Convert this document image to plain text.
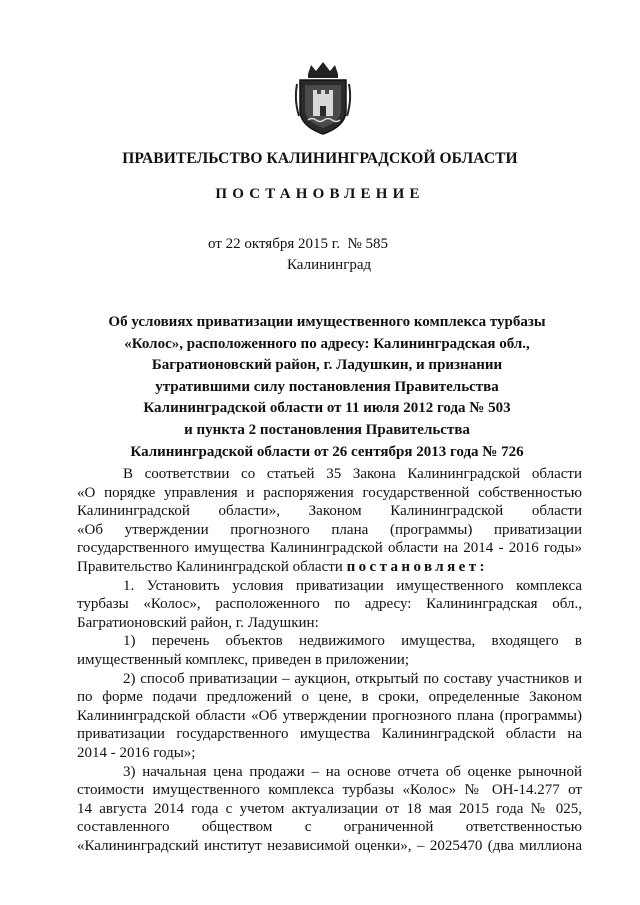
ПРАВИТЕЛЬСТВО КАЛИНИНГРАДСКОЙ ОБЛАСТИ
ПОСТАНОВЛЕНИЕ
от 22 октября 2015 г.  № 585
Калининград
Об условиях приватизации имущественного комплекса турбазы
«Колос», расположенного по адресу: Калининградская обл.,
Багратионовский район, г. Ладушкин, и признании
утратившими силу постановления Правительства
Калининградской области от 11 июля 2012 года № 503
и пункта 2 постановления Правительства
Калининградской области от 26 сентября 2013 года № 726
В соответствии со статьей 35 Закона Калининградской области
«О порядке управления и распоряжения государственной собственностью
Калининградской области», Законом Калининградской области
«Об утверждении прогнозного плана (программы) приватизации
государственного имущества Калининградской области на 2014 - 2016 годы»
Правительство Калининградской области постановляет:
1. Установить условия приватизации имущественного комплекса
турбазы «Колос», расположенного по адресу: Калининградская обл.,
Багратионовский район, г. Ладушкин:
1) перечень объектов недвижимого имущества, входящего в
имущественный комплекс, приведен в приложении;
2) способ приватизации – аукцион, открытый по составу участников и
по форме подачи предложений о цене, в сроки, определенные Законом
Калининградской области «Об утверждении прогнозного плана (программы)
приватизации государственного имущества Калининградской области на
2014 - 2016 годы»;
3) начальная цена продажи – на основе отчета об оценке рыночной
стоимости имущественного комплекса турбазы «Колос» № ОН-14.277 от
14 августа 2014 года с учетом актуализации от 18 мая 2015 года № 025,
составленного обществом с ограниченной ответственностью
«Калининградский институт независимой оценки», – 2025470 (два миллиона
